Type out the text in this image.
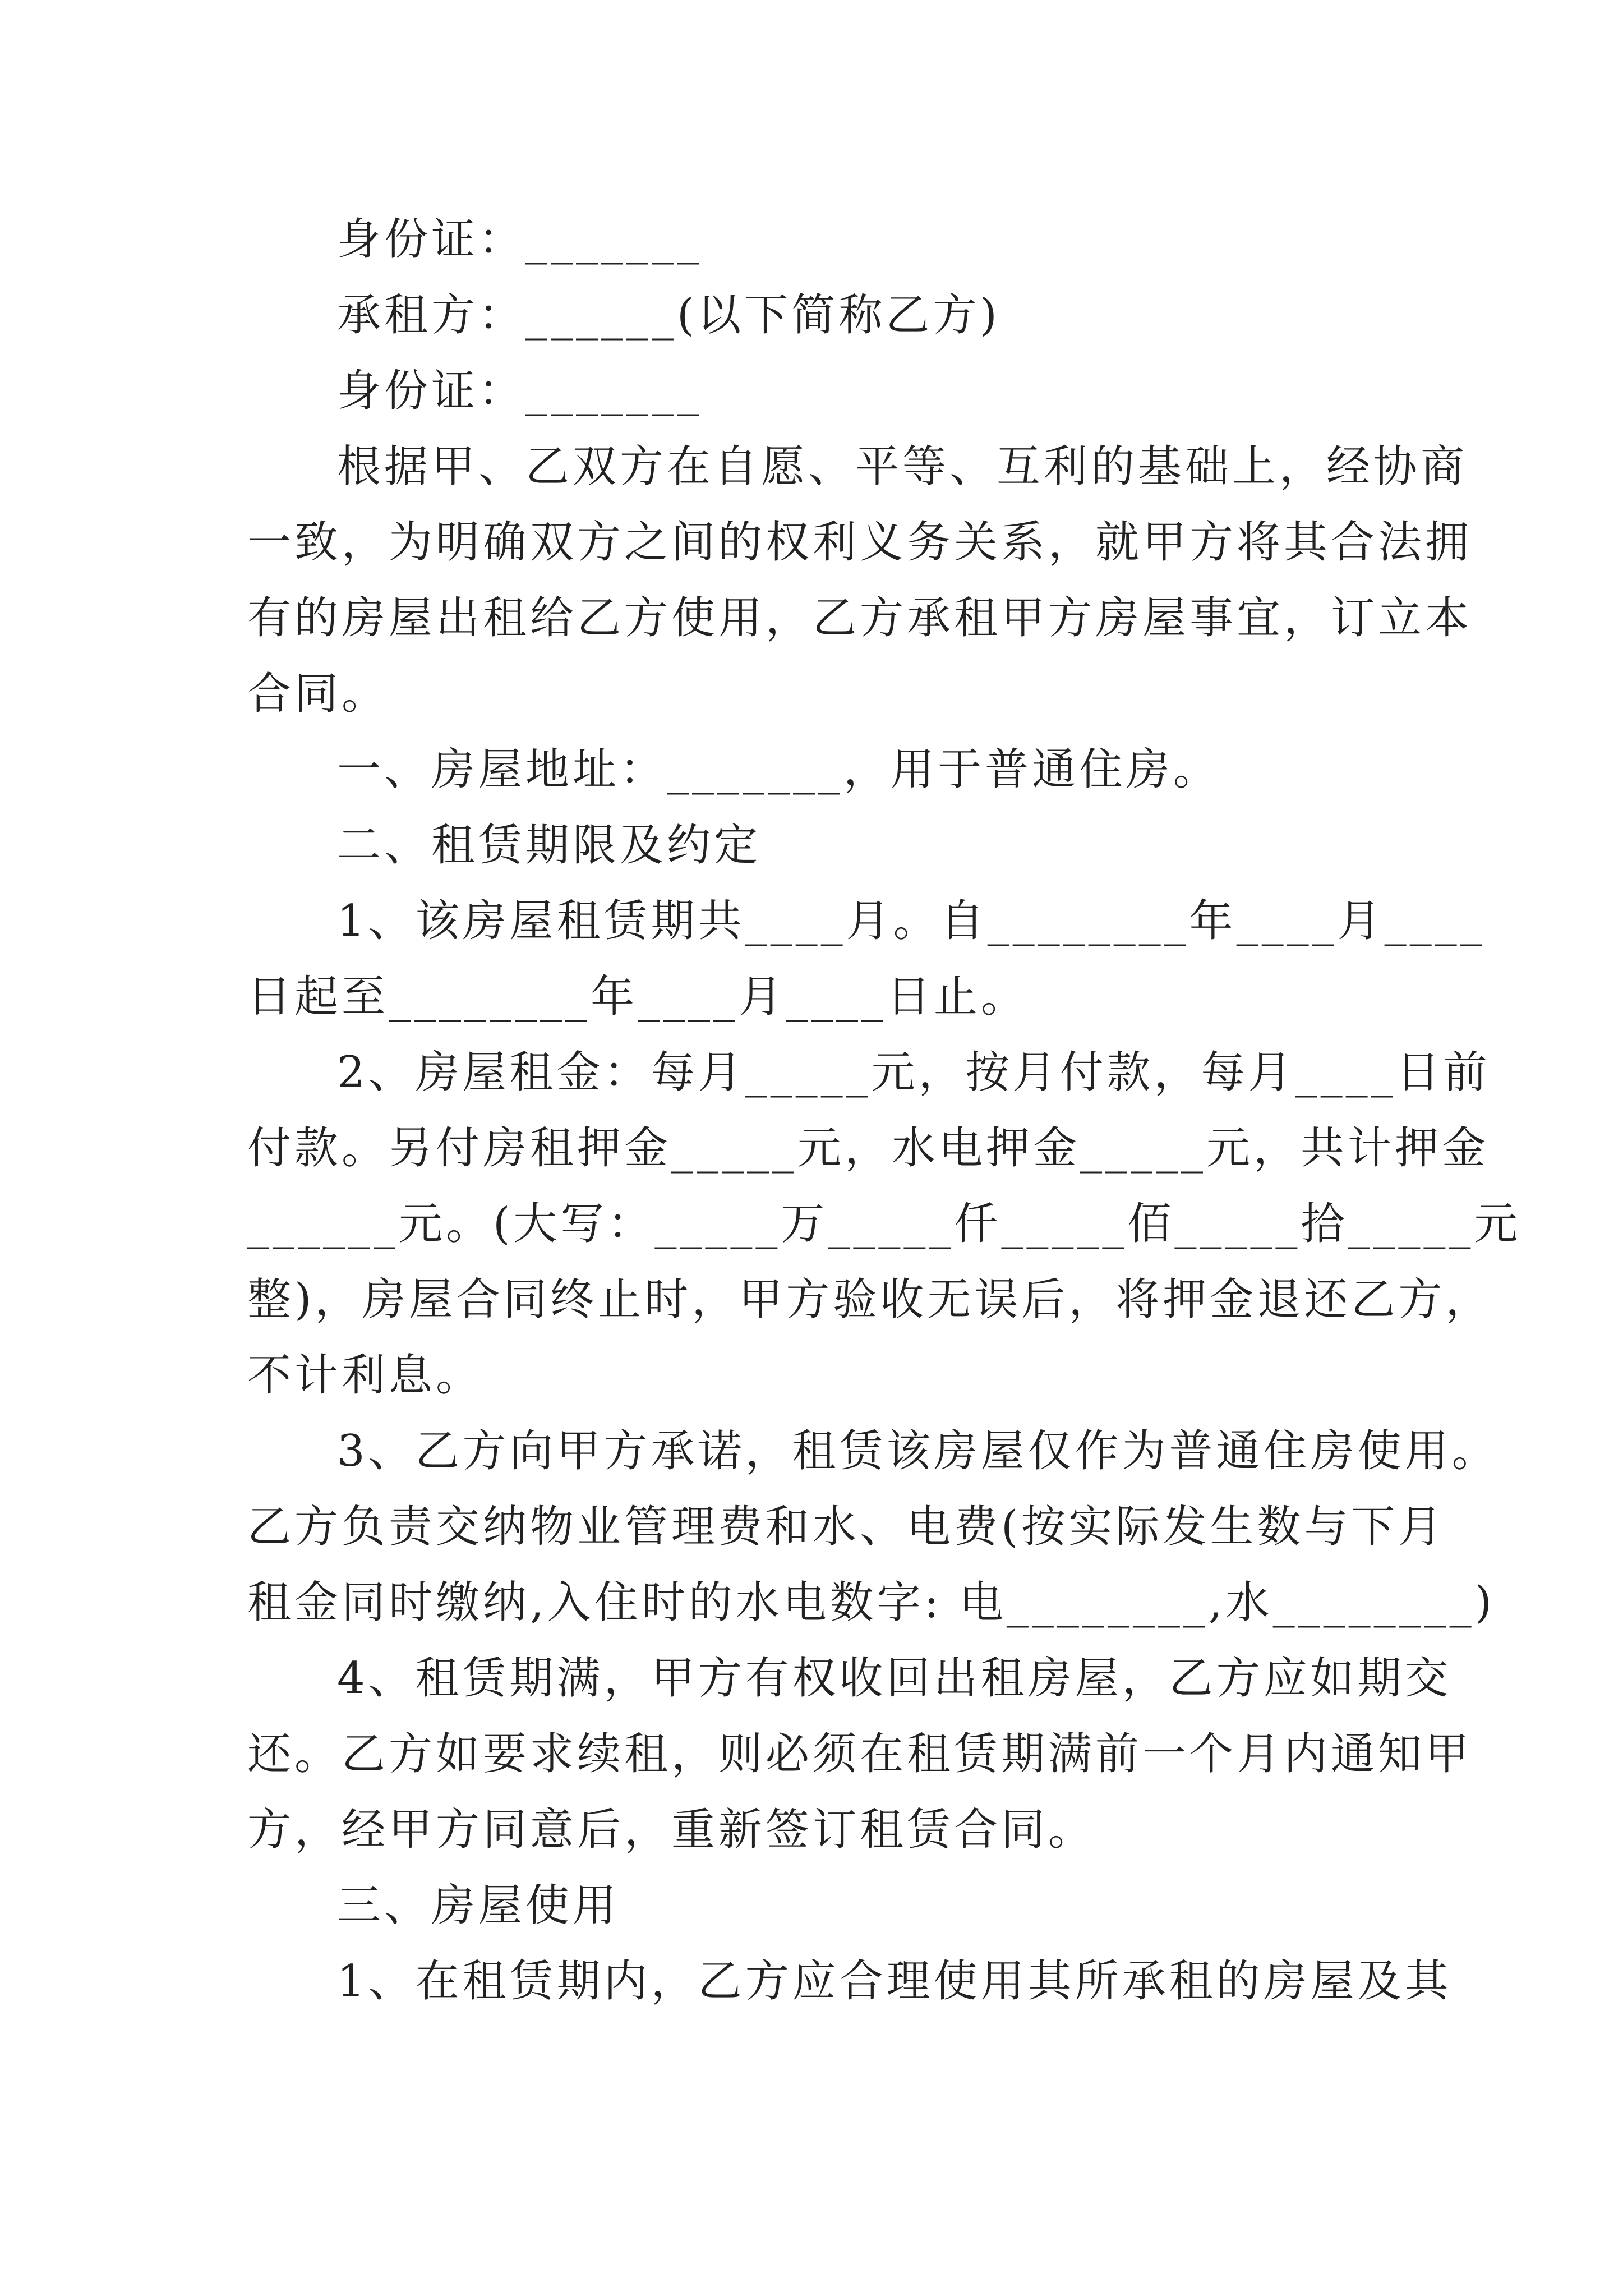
身份证：_______
承租方：______(以下简称乙方)
身份证：_______
根据甲、乙双方在自愿、平等、互利的基础上，经协商
一致，为明确双方之间的权利义务关系，就甲方将其合法拥
有的房屋出租给乙方使用，乙方承租甲方房屋事宜，订立本
合同。
一、房屋地址：_______，用于普通住房。
二、租赁期限及约定
1、该房屋租赁期共____月。自________年____月____
日起至________年____月____日止。
2、房屋租金：每月_____元，按月付款，每月____日前
付款。另付房租押金_____元，水电押金_____元，共计押金
______元。(大写：_____万_____仟_____佰_____拾_____元
整)，房屋合同终止时，甲方验收无误后，将押金退还乙方，
不计利息。
3、乙方向甲方承诺，租赁该房屋仅作为普通住房使用。
乙方负责交纳物业管理费和水、电费(按实际发生数与下月
租金同时缴纳,入住时的水电数字: 电________,水________)
4、租赁期满，甲方有权收回出租房屋，乙方应如期交
还。乙方如要求续租，则必须在租赁期满前一个月内通知甲
方，经甲方同意后，重新签订租赁合同。
三、房屋使用
1、在租赁期内，乙方应合理使用其所承租的房屋及其
